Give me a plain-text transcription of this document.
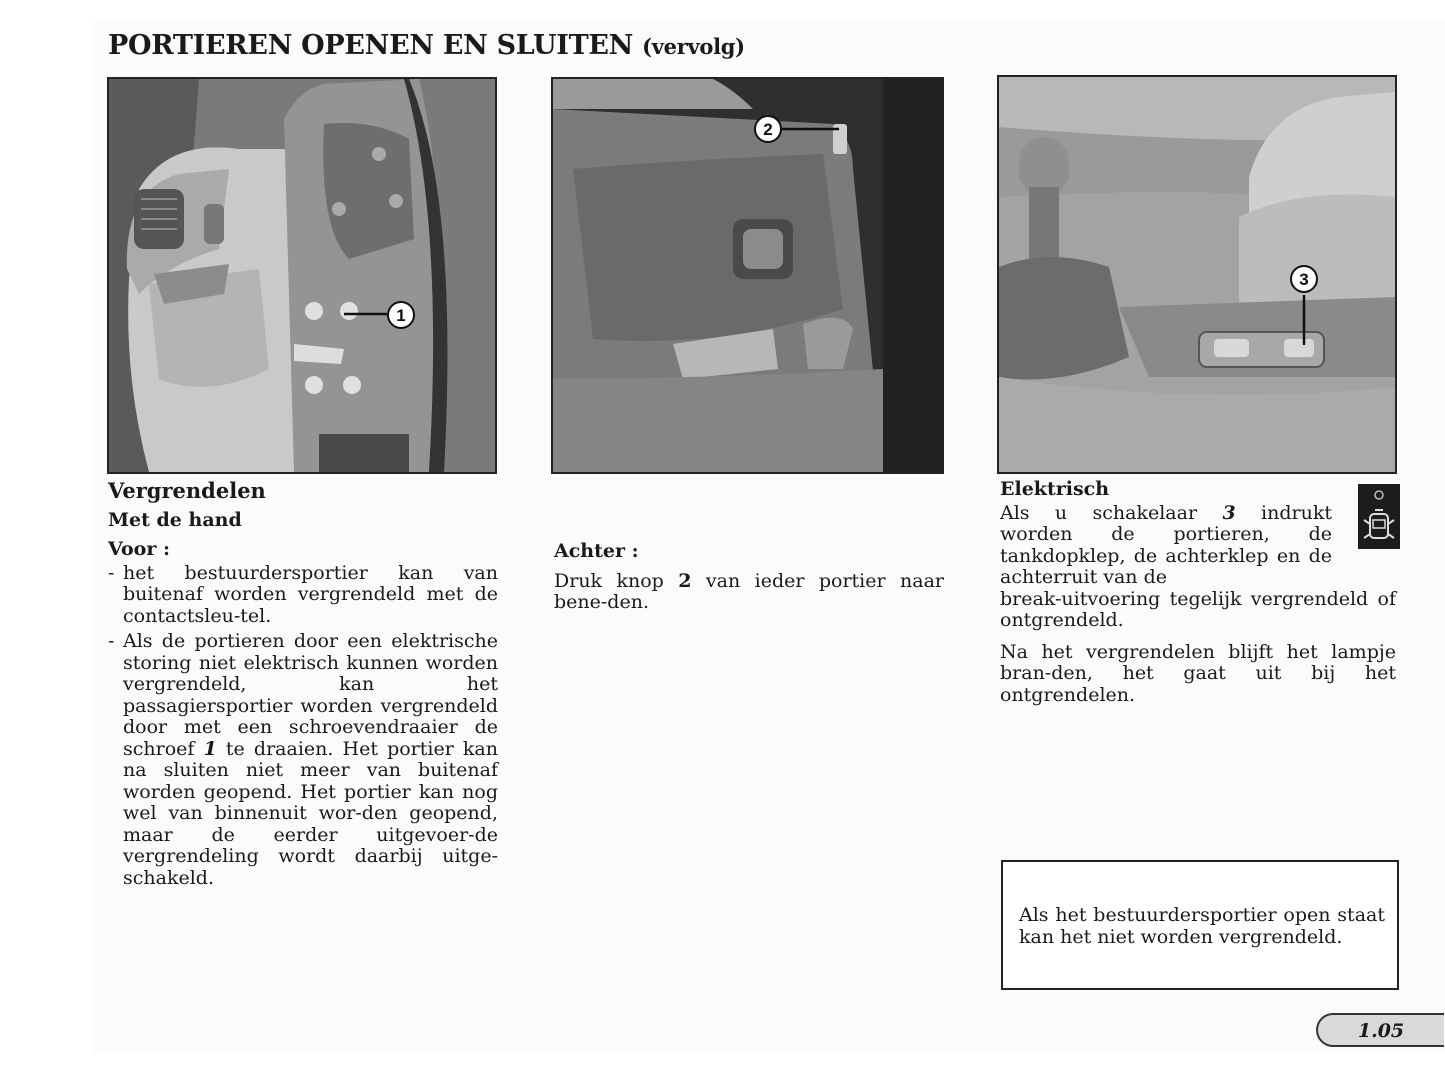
PORTIEREN OPENEN EN SLUITEN (vervolg)
1
2
3

Vergrendelen

Met de hand

Voor :

- het bestuurdersportier kan van buitenaf worden vergrendeld met de contactsleu-tel.

- Als de portieren door een elektrische storing niet elektrisch kunnen worden vergrendeld, kan het passagiersportier worden vergrendeld door met een schroevendraaier de schroef 1 te draaien. Het portier kan na sluiten niet meer van buitenaf worden geopend. Het portier kan nog wel van binnenuit wor-den geopend, maar de eerder uitgevoer-de vergrendeling wordt daarbij uitge-schakeld.

Achter :

Druk knop 2 van ieder portier naar bene-den.

Elektrisch

Als u schakelaar 3 indrukt worden de portieren, de tankdopklep, de achterklep en de achterruit van de

break-uitvoering tegelijk vergrendeld of ontgrendeld.

Na het vergrendelen blijft het lampje bran-den, het gaat uit bij het ontgrendelen.

Als het bestuurdersportier open staat kan het niet worden vergrendeld.

1.05
